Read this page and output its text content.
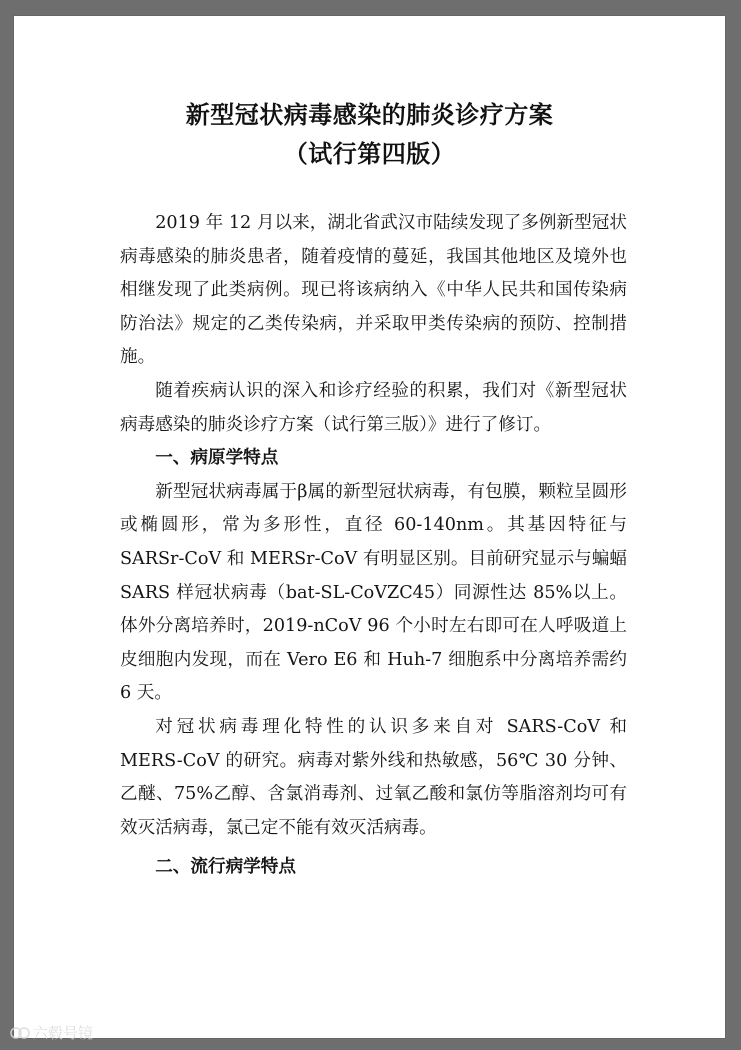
新型冠状病毒感染的肺炎诊疗方案
（试行第四版）

2019 年 12 月以来，湖北省武汉市陆续发现了多例新型冠状病毒感染的肺炎患者，随着疫情的蔓延，我国其他地区及境外也相继发现了此类病例。现已将该病纳入《中华人民共和国传染病防治法》规定的乙类传染病，并采取甲类传染病的预防、控制措施。

随着疾病认识的深入和诊疗经验的积累，我们对《新型冠状病毒感染的肺炎诊疗方案（试行第三版）》进行了修订。

一、病原学特点

新型冠状病毒属于β属的新型冠状病毒，有包膜，颗粒呈圆形或椭圆形，常为多形性，直径 60-140nm。其基因特征与 SARSr-CoV 和 MERSr-CoV 有明显区别。目前研究显示与蝙蝠 SARS 样冠状病毒（bat-SL-CoVZC45）同源性达 85%以上。体外分离培养时，2019-nCoV 96 个小时左右即可在人呼吸道上皮细胞内发现，而在 Vero E6 和 Huh-7 细胞系中分离培养需约 6 天。

对冠状病毒理化特性的认识多来自对 SARS-CoV 和 MERS-CoV 的研究。病毒对紫外线和热敏感，56℃ 30 分钟、乙醚、75%乙醇、含氯消毒剂、过氧乙酸和氯仿等脂溶剂均可有效灭活病毒，氯己定不能有效灭活病毒。

二、流行病学特点

六毂号镜
